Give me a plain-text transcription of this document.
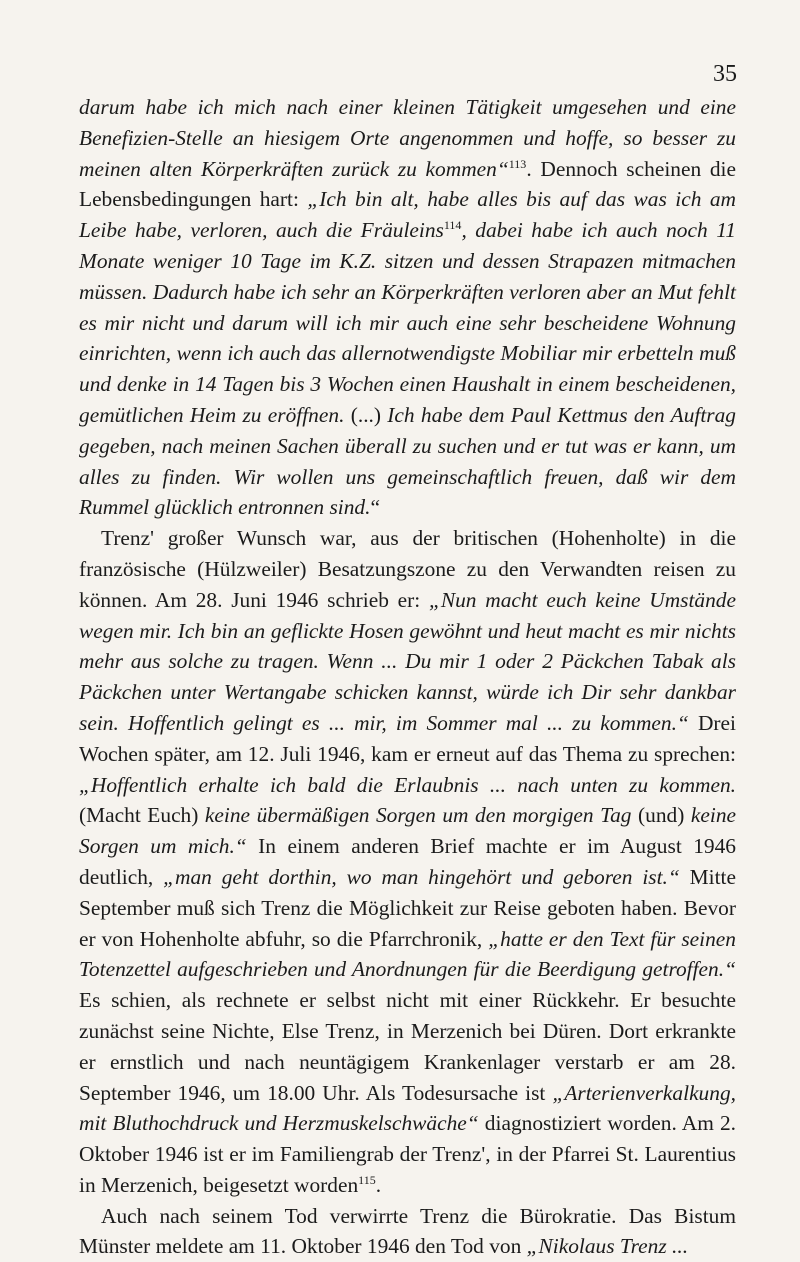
35

darum habe ich mich nach einer kleinen Tätigkeit umgesehen und eine Benefizien-Stelle an hiesigem Orte angenommen und hoffe, so besser zu meinen alten Körperkräften zurück zu kommen“$^{113}$. Dennoch scheinen die Lebensbedingungen hart: „Ich bin alt, habe alles bis auf das was ich am Leibe habe, verloren, auch die Fräuleins$^{114}$, dabei habe ich auch noch 11 Monate weniger 10 Tage im K.Z. sitzen und dessen Strapazen mitmachen müssen. Dadurch habe ich sehr an Körperkräften verloren aber an Mut fehlt es mir nicht und darum will ich mir auch eine sehr bescheidene Wohnung einrichten, wenn ich auch das allernotwendigste Mobiliar mir erbetteln muß und denke in 14 Tagen bis 3 Wochen einen Haushalt in einem bescheidenen, gemütlichen Heim zu eröffnen. (...) Ich habe dem Paul Kettmus den Auftrag gegeben, nach meinen Sachen überall zu suchen und er tut was er kann, um alles zu finden. Wir wollen uns gemeinschaftlich freuen, daß wir dem Rummel glücklich entronnen sind.“

Trenz' großer Wunsch war, aus der britischen (Hohenholte) in die französische (Hülzweiler) Besatzungszone zu den Verwandten reisen zu können. Am 28. Juni 1946 schrieb er: „Nun macht euch keine Umstände wegen mir. Ich bin an geflickte Hosen gewöhnt und heut macht es mir nichts mehr aus solche zu tragen. Wenn ... Du mir 1 oder 2 Päckchen Tabak als Päckchen unter Wertangabe schicken kannst, würde ich Dir sehr dankbar sein. Hoffentlich gelingt es ... mir, im Sommer mal ... zu kommen.“ Drei Wochen später, am 12. Juli 1946, kam er erneut auf das Thema zu sprechen: „Hoffentlich erhalte ich bald die Erlaubnis ... nach unten zu kommen. (Macht Euch) keine übermäßigen Sorgen um den morgigen Tag (und) keine Sorgen um mich.“ In einem anderen Brief machte er im August 1946 deutlich, „man geht dorthin, wo man hingehört und geboren ist.“ Mitte September muß sich Trenz die Möglichkeit zur Reise geboten haben. Bevor er von Hohenholte abfuhr, so die Pfarrchronik, „hatte er den Text für seinen Totenzettel aufgeschrieben und Anordnungen für die Beerdigung getroffen.“ Es schien, als rechnete er selbst nicht mit einer Rückkehr. Er besuchte zunächst seine Nichte, Else Trenz, in Merzenich bei Düren. Dort erkrankte er ernstlich und nach neuntägigem Krankenlager verstarb er am 28. September 1946, um 18.00 Uhr. Als Todesursache ist „Arterienverkalkung, mit Bluthochdruck und Herzmuskelschwäche“ diagnostiziert worden. Am 2. Oktober 1946 ist er im Familiengrab der Trenz', in der Pfarrei St. Laurentius in Merzenich, beigesetzt worden$^{115}$.

Auch nach seinem Tod verwirrte Trenz die Bürokratie. Das Bistum Münster meldete am 11. Oktober 1946 den Tod von „Nikolaus Trenz ...
